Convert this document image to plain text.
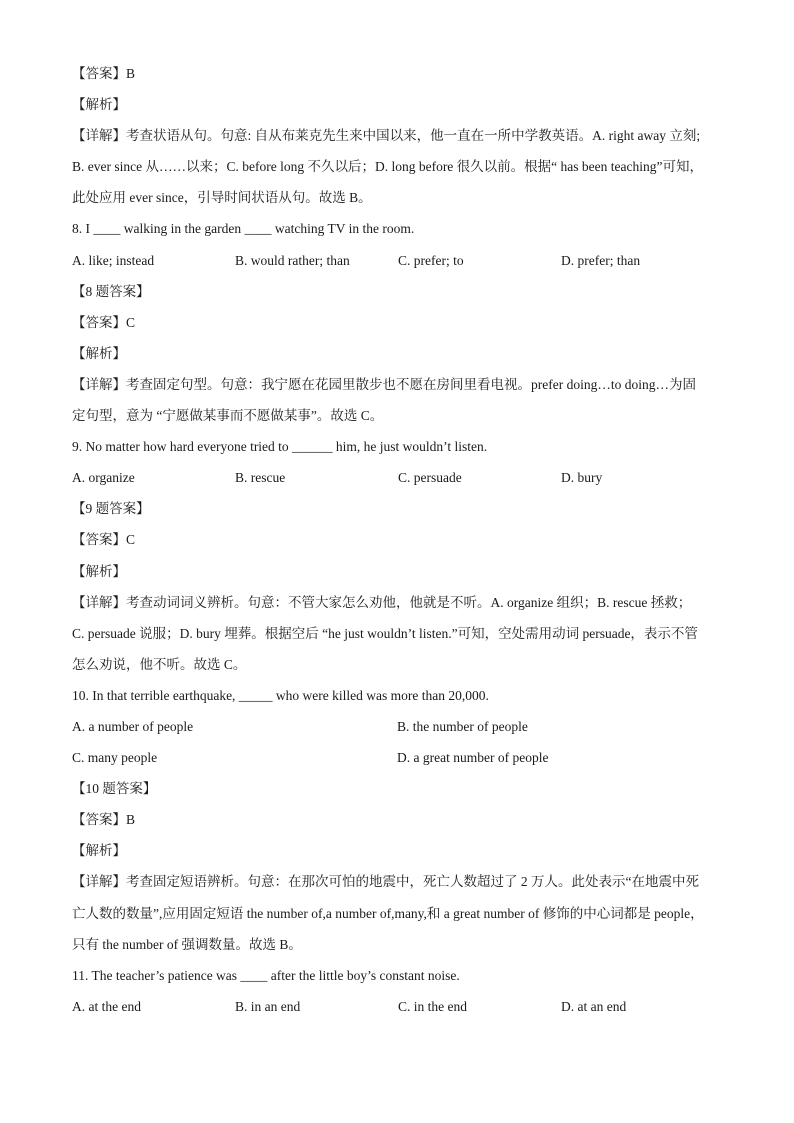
【答案】B
【解析】
【详解】考查状语从句。句意: 自从布莱克先生来中国以来，他一直在一所中学教英语。A. right away 立刻;
B. ever since 从……以来；C. before long 不久以后；D. long before 很久以前。根据“ has been teaching”可知，
此处应用 ever since，引导时间状语从句。故选 B。
8. I ____ walking in the garden ____ watching TV in the room.
A. like; instead	B. would rather; than	C. prefer; to	D. prefer; than
【8 题答案】
【答案】C
【解析】
【详解】考查固定句型。句意：我宁愿在花园里散步也不愿在房间里看电视。prefer doing…to doing…为固
定句型，意为 “宁愿做某事而不愿做某事”。故选 C。
9. No matter how hard everyone tried to ______ him, he just wouldn’t listen.
A. organize	B. rescue	C. persuade	D. bury
【9 题答案】
【答案】C
【解析】
【详解】考查动词词义辨析。句意：不管大家怎么劝他，他就是不听。A. organize 组织；B. rescue 拯救；
C. persuade 说服；D. bury 埋葬。根据空后 “he just wouldn’t listen.”可知，空处需用动词 persuade，表示不管
怎么劝说，他不听。故选 C。
10. In that terrible earthquake, _____ who were killed was more than 20,000.
A. a number of people	B. the number of people
C. many people	D. a great number of people
【10 题答案】
【答案】B
【解析】
【详解】考查固定短语辨析。句意：在那次可怕的地震中，死亡人数超过了 2 万人。此处表示“在地震中死
亡人数的数量”,应用固定短语 the number of,a number of,many,和 a great number of 修饰的中心词都是 people，
只有 the number of 强调数量。故选 B。
11. The teacher’s patience was ____ after the little boy’s constant noise.
A. at the end	B. in an end	C. in the end	D. at an end
